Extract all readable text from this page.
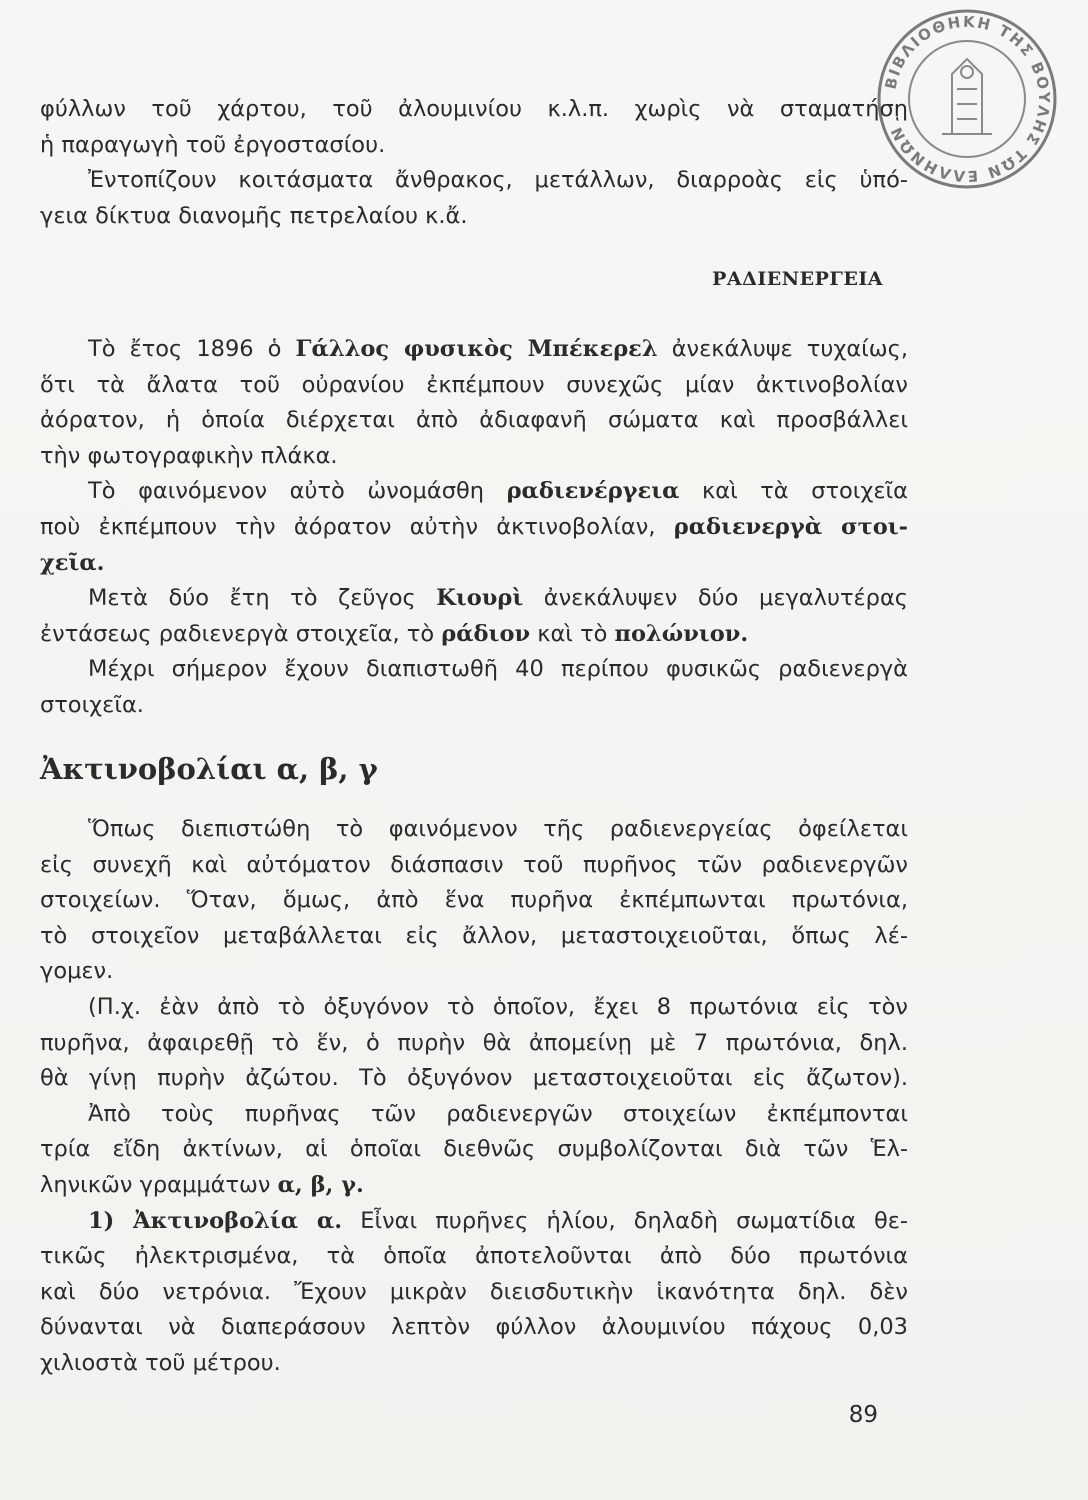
ΒΙΒΛΙΟΘΗΚΗ ΤΗΣ ΒΟΥΛΗΣ ΤΩΝ ΕΛΛΗΝΩΝ
φύλλων τοῦ χάρτου, τοῦ ἀλουμινίου κ.λ.π. χωρὶς νὰ σταματήσῃ
ἡ παραγωγὴ τοῦ ἐργοστασίου.
Ἐντοπίζουν κοιτάσματα ἄνθρακος, μετάλλων, διαρροὰς εἰς ὑπό-
γεια δίκτυα διανομῆς πετρελαίου κ.ἄ.
ΡΑΔΙΕΝΕΡΓΕΙΑ
Τὸ ἔτος 1896 ὁ Γάλλος φυσικὸς Μπέκερελ ἀνεκάλυψε τυχαίως,
ὅτι τὰ ἄλατα τοῦ οὐρανίου ἐκπέμπουν συνεχῶς μίαν ἀκτινοβολίαν
ἀόρατον, ἡ ὁποία διέρχεται ἀπὸ ἀδιαφανῆ σώματα καὶ προσβάλλει
τὴν φωτογραφικὴν πλάκα.
Τὸ φαινόμενον αὐτὸ ὠνομάσθη ραδιενέργεια καὶ τὰ στοιχεῖα
ποὺ ἐκπέμπουν τὴν ἀόρατον αὐτὴν ἀκτινοβολίαν, ραδιενεργὰ στοι-
χεῖα.
Μετὰ δύο ἔτη τὸ ζεῦγος Κιουρὶ ἀνεκάλυψεν δύο μεγαλυτέρας
ἐντάσεως ραδιενεργὰ στοιχεῖα, τὸ ράδιον καὶ τὸ πολώνιον.
Μέχρι σήμερον ἔχουν διαπιστωθῆ 40 περίπου φυσικῶς ραδιενεργὰ
στοιχεῖα.
Ἀκτινοβολίαι α, β, γ
Ὅπως διεπιστώθη τὸ φαινόμενον τῆς ραδιενεργείας ὀφείλεται
εἰς συνεχῆ καὶ αὐτόματον διάσπασιν τοῦ πυρῆνος τῶν ραδιενεργῶν
στοιχείων. Ὅταν, ὅμως, ἀπὸ ἕνα πυρῆνα ἐκπέμπωνται πρωτόνια,
τὸ στοιχεῖον μεταβάλλεται εἰς ἄλλον, μεταστοιχειοῦται, ὅπως λέ-
γομεν.
(Π.χ. ἐὰν ἀπὸ τὸ ὀξυγόνον τὸ ὁποῖον, ἔχει 8 πρωτόνια εἰς τὸν
πυρῆνα, ἀφαιρεθῇ τὸ ἕν, ὁ πυρὴν θὰ ἀπομείνῃ μὲ 7 πρωτόνια, δηλ.
θὰ γίνῃ πυρὴν ἀζώτου. Τὸ ὀξυγόνον μεταστοιχειοῦται εἰς ἄζωτον).
Ἀπὸ τοὺς πυρῆνας τῶν ραδιενεργῶν στοιχείων ἐκπέμπονται
τρία εἴδη ἀκτίνων, αἱ ὁποῖαι διεθνῶς συμβολίζονται διὰ τῶν Ἑλ-
ληνικῶν γραμμάτων α, β, γ.
1) Ἀκτινοβολία α. Εἶναι πυρῆνες ἡλίου, δηλαδὴ σωματίδια θε-
τικῶς ἠλεκτρισμένα, τὰ ὁποῖα ἀποτελοῦνται ἀπὸ δύο πρωτόνια
καὶ δύο νετρόνια. Ἔχουν μικρὰν διεισδυτικὴν ἱκανότητα δηλ. δὲν
δύνανται νὰ διαπεράσουν λεπτὸν φύλλον ἀλουμινίου πάχους 0,03
χιλιοστὰ τοῦ μέτρου.
89
